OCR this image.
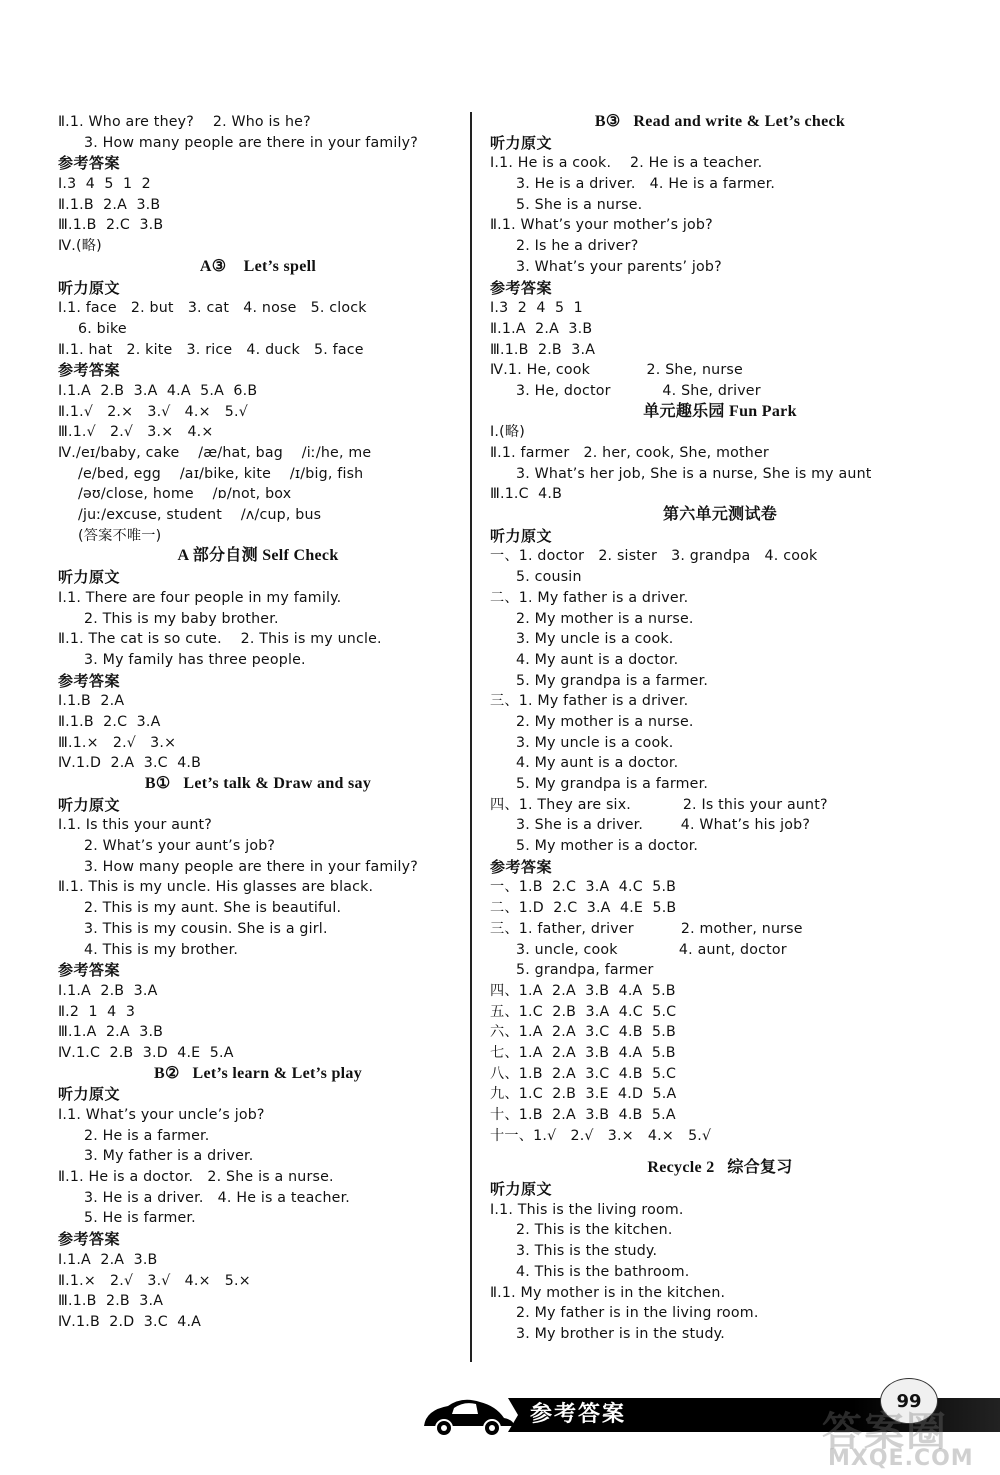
Ⅱ.1. Who are they?    2. Who is he?
3. How many people are there in your family?
参考答案
Ⅰ.3  4  5  1  2
Ⅱ.1.B  2.A  3.B
Ⅲ.1.B  2.C  3.B
Ⅳ.(略)
A③    Let’s spell
听力原文
Ⅰ.1. face   2. but   3. cat   4. nose   5. clock
6. bike
Ⅱ.1. hat   2. kite   3. rice   4. duck   5. face
参考答案
Ⅰ.1.A  2.B  3.A  4.A  5.A  6.B
Ⅱ.1.√   2.×   3.√   4.×   5.√
Ⅲ.1.√   2.√   3.×   4.×
Ⅳ./eɪ/baby, cake    /æ/hat, bag    /iː/he, me
/e/bed, egg    /aɪ/bike, kite    /ɪ/big, fish
/əʊ/close, home    /ɒ/not, box
/juː/excuse, student    /ʌ/cup, bus
(答案不唯一)
A 部分自测 Self Check
听力原文
Ⅰ.1. There are four people in my family.
2. This is my baby brother.
Ⅱ.1. The cat is so cute.    2. This is my uncle.
3. My family has three people.
参考答案
Ⅰ.1.B  2.A
Ⅱ.1.B  2.C  3.A
Ⅲ.1.×   2.√   3.×
Ⅳ.1.D  2.A  3.C  4.B
B①   Let’s talk & Draw and say
听力原文
Ⅰ.1. Is this your aunt?
2. What’s your aunt’s job?
3. How many people are there in your family?
Ⅱ.1. This is my uncle. His glasses are black.
2. This is my aunt. She is beautiful.
3. This is my cousin. She is a girl.
4. This is my brother.
参考答案
Ⅰ.1.A  2.B  3.A
Ⅱ.2  1  4  3
Ⅲ.1.A  2.A  3.B
Ⅳ.1.C  2.B  3.D  4.E  5.A
B②   Let’s learn & Let’s play
听力原文
Ⅰ.1. What’s your uncle’s job?
2. He is a farmer.
3. My father is a driver.
Ⅱ.1. He is a doctor.   2. She is a nurse.
3. He is a driver.   4. He is a teacher.
5. He is farmer.
参考答案
Ⅰ.1.A  2.A  3.B
Ⅱ.1.×   2.√   3.√   4.×   5.×
Ⅲ.1.B  2.B  3.A
Ⅳ.1.B  2.D  3.C  4.A
B③   Read and write & Let’s check
听力原文
Ⅰ.1. He is a cook.    2. He is a teacher.
3. He is a driver.   4. He is a farmer.
5. She is a nurse.
Ⅱ.1. What’s your mother’s job?
2. Is he a driver?
3. What’s your parents’ job?
参考答案
Ⅰ.3  2  4  5  1
Ⅱ.1.A  2.A  3.B
Ⅲ.1.B  2.B  3.A
Ⅳ.1. He, cook            2. She, nurse
3. He, doctor           4. She, driver
单元趣乐园 Fun Park
Ⅰ.(略)
Ⅱ.1. farmer   2. her, cook, She, mother
3. What’s her job, She is a nurse, She is my aunt
Ⅲ.1.C  4.B
第六单元测试卷
听力原文
一、1. doctor   2. sister   3. grandpa   4. cook
5. cousin
二、1. My father is a driver.
2. My mother is a nurse.
3. My uncle is a cook.
4. My aunt is a doctor.
5. My grandpa is a farmer.
三、1. My father is a driver.
2. My mother is a nurse.
3. My uncle is a cook.
4. My aunt is a doctor.
5. My grandpa is a farmer.
四、1. They are six.           2. Is this your aunt?
3. She is a driver.        4. What’s his job?
5. My mother is a doctor.
参考答案
一、1.B  2.C  3.A  4.C  5.B
二、1.D  2.C  3.A  4.E  5.B
三、1. father, driver          2. mother, nurse
3. uncle, cook             4. aunt, doctor
5. grandpa, farmer
四、1.A  2.A  3.B  4.A  5.B
五、1.C  2.B  3.A  4.C  5.C
六、1.A  2.A  3.C  4.B  5.B
七、1.A  2.A  3.B  4.A  5.B
八、1.B  2.A  3.C  4.B  5.C
九、1.C  2.B  3.E  4.D  5.A
十、1.B  2.A  3.B  4.B  5.A
十一、1.√   2.√   3.×   4.×   5.√
Recycle 2   综合复习
听力原文
Ⅰ.1. This is the living room.
2. This is the kitchen.
3. This is the study.
4. This is the bathroom.
Ⅱ.1. My mother is in the kitchen.
2. My father is in the living room.
3. My brother is in the study.
参考答案
99
答案圈
MXQE.COM
